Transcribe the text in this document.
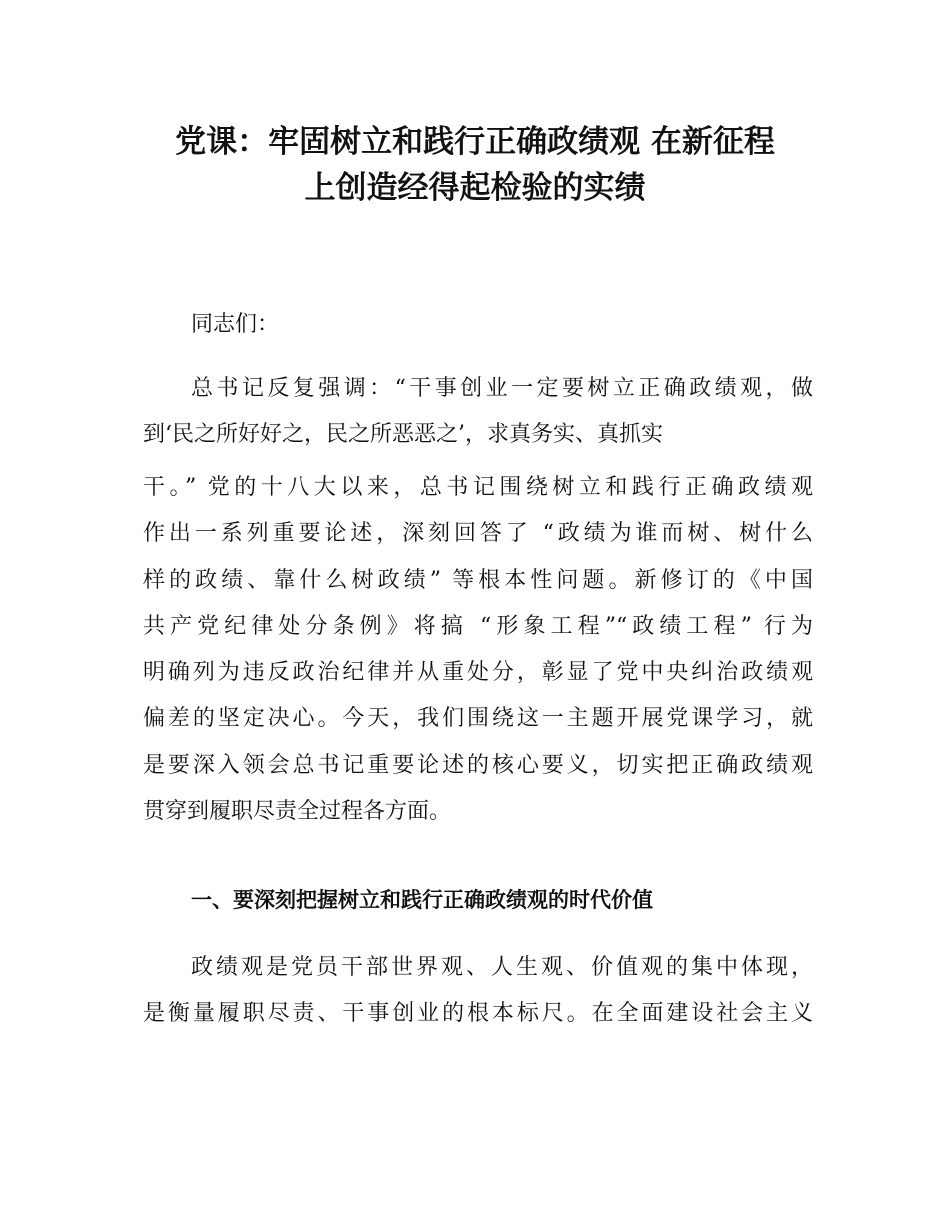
党课：牢固树立和践行正确政绩观 在新征程
上创造经得起检验的实绩
同志们：
总书记反复强调：“干事创业一定要树立正确政绩观，做
到‘民之所好好之，民之所恶恶之’，求真务实、真抓实
干。” 党的十八大以来，总书记围绕树立和践行正确政绩观
作出一系列重要论述，深刻回答了 “政绩为谁而树、树什么
样的政绩、靠什么树政绩” 等根本性问题。新修订的《中国
共产党纪律处分条例》将搞 “形象工程”“政绩工程” 行为
明确列为违反政治纪律并从重处分，彰显了党中央纠治政绩观
偏差的坚定决心。今天，我们围绕这一主题开展党课学习，就
是要深入领会总书记重要论述的核心要义，切实把正确政绩观
贯穿到履职尽责全过程各方面。
一、要深刻把握树立和践行正确政绩观的时代价值
政绩观是党员干部世界观、人生观、价值观的集中体现，
是衡量履职尽责、干事创业的根本标尺。在全面建设社会主义
